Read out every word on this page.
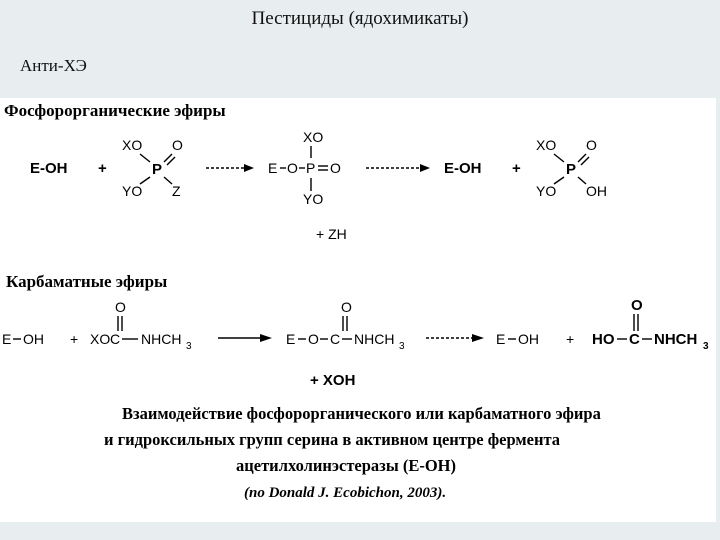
Пестициды (ядохимикаты)
Анти-ХЭ
Фосфорорганические эфиры
E-OH +
XO O
P
YO Z
E O P O
XO
YO
E-OH +
XO O
P
YO OH
+ ZH
Карбаматные эфиры
E OH + XO C
O
NHCH 3	E O C
O
NHCH 3	E OH + HO C
O
NHCH 3
+ XOH
Взаимодействие фосфорорганического или карбаматного эфира
и гидроксильных групп серина в активном центре фермента
ацетилхолинэстеразы (E-OH)
(по Donald J. Ecobichon, 2003).
